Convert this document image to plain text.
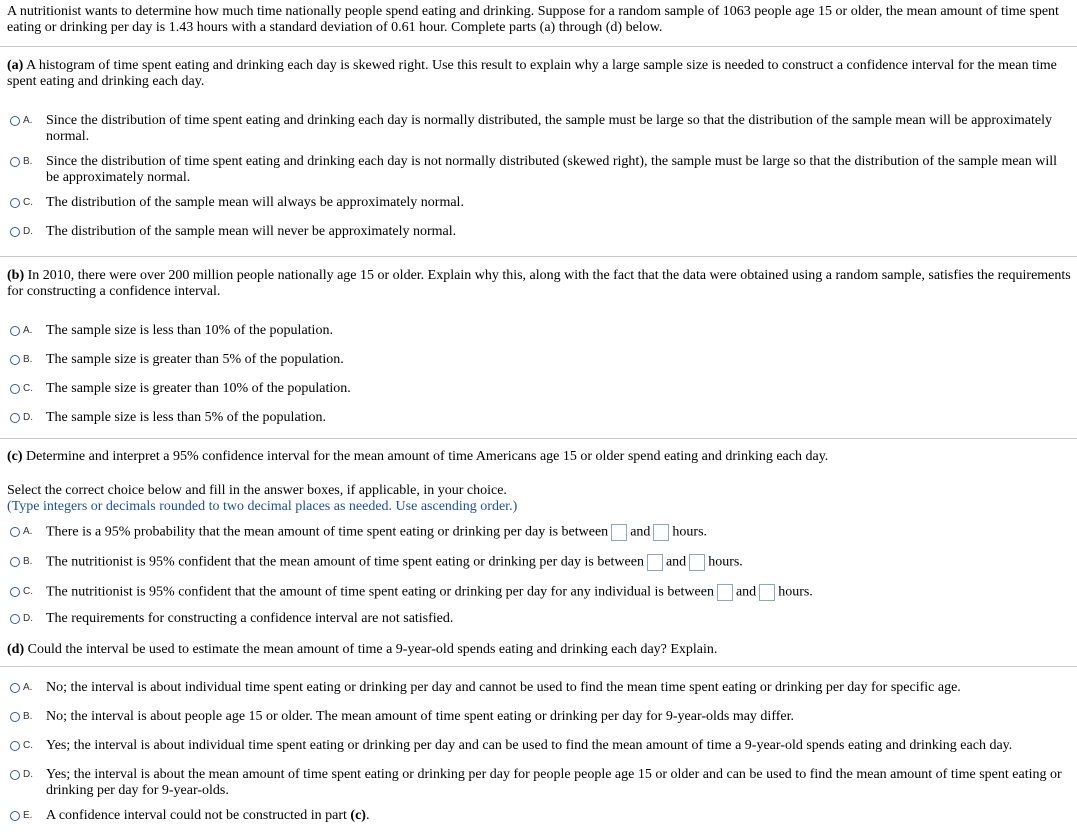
A nutritionist wants to determine how much time nationally people spend eating and drinking. Suppose for a random sample of 1063 people age 15 or older, the mean amount of time spent eating or drinking per day is 1.43 hours with a standard deviation of 0.61 hour. Complete parts (a) through (d) below.
(a) A histogram of time spent eating and drinking each day is skewed right. Use this result to explain why a large sample size is needed to construct a confidence interval for the mean time spent eating and drinking each day.
A. Since the distribution of time spent eating and drinking each day is normally distributed, the sample must be large so that the distribution of the sample mean will be approximately normal.
B. Since the distribution of time spent eating and drinking each day is not normally distributed (skewed right), the sample must be large so that the distribution of the sample mean will be approximately normal.
C. The distribution of the sample mean will always be approximately normal.
D. The distribution of the sample mean will never be approximately normal.
(b) In 2010, there were over 200 million people nationally age 15 or older. Explain why this, along with the fact that the data were obtained using a random sample, satisfies the requirements for constructing a confidence interval.
A. The sample size is less than 10% of the population.
B. The sample size is greater than 5% of the population.
C. The sample size is greater than 10% of the population.
D. The sample size is less than 5% of the population.
(c) Determine and interpret a 95% confidence interval for the mean amount of time Americans age 15 or older spend eating and drinking each day.
Select the correct choice below and fill in the answer boxes, if applicable, in your choice.
(Type integers or decimals rounded to two decimal places as needed. Use ascending order.)
A. There is a 95% probability that the mean amount of time spent eating or drinking per day is between and hours.
B. The nutritionist is 95% confident that the mean amount of time spent eating or drinking per day is between and hours.
C. The nutritionist is 95% confident that the amount of time spent eating or drinking per day for any individual is between and hours.
D. The requirements for constructing a confidence interval are not satisfied.
(d) Could the interval be used to estimate the mean amount of time a 9-year-old spends eating and drinking each day? Explain.
A. No; the interval is about individual time spent eating or drinking per day and cannot be used to find the mean time spent eating or drinking per day for specific age.
B. No; the interval is about people age 15 or older. The mean amount of time spent eating or drinking per day for 9-year-olds may differ.
C. Yes; the interval is about individual time spent eating or drinking per day and can be used to find the mean amount of time a 9-year-old spends eating and drinking each day.
D. Yes; the interval is about the mean amount of time spent eating or drinking per day for people people age 15 or older and can be used to find the mean amount of time spent eating or drinking per day for 9-year-olds.
E. A confidence interval could not be constructed in part (c).
